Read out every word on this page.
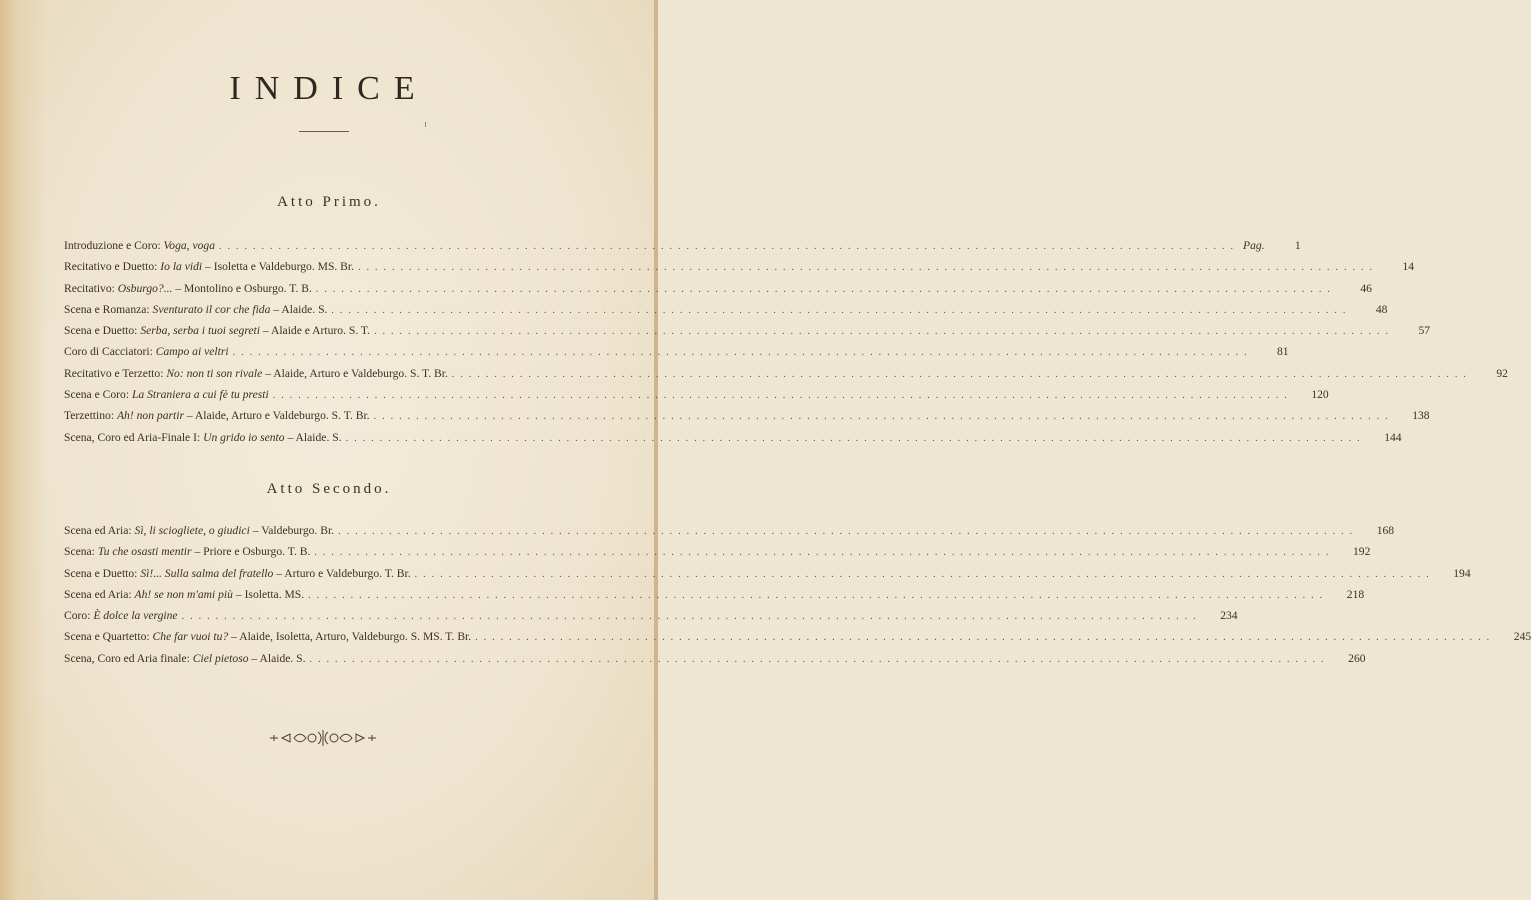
INDICE
Atto Primo.
Introduzione e Coro: Voga, voga ........................................................................................................................ Pag.	1
Recitativo e Duetto: Io la vidi – Isoletta e Valdeburgo. MS. Br. ........................................................................................................................	14
Recitativo: Osburgo?... – Montolino e Osburgo. T. B. ........................................................................................................................	46
Scena e Romanza: Sventurato il cor che fida – Alaide. S. ........................................................................................................................	48
Scena e Duetto: Serba, serba i tuoi segreti – Alaide e Arturo. S. T. ........................................................................................................................	57
Coro di Cacciatori: Campo ai veltri ........................................................................................................................	81
Recitativo e Terzetto: No: non ti son rivale – Alaide, Arturo e Valdeburgo. S. T. Br. ........................................................................................................................	92
Scena e Coro: La Straniera a cui fè tu presti ........................................................................................................................	120
Terzettino: Ah! non partir – Alaide, Arturo e Valdeburgo. S. T. Br. ........................................................................................................................	138
Scena, Coro ed Aria-Finale I: Un grido io sento – Alaide. S. ........................................................................................................................	144
Atto Secondo.
Scena ed Aria: Sì, li sciogliete, o giudici – Valdeburgo. Br. ........................................................................................................................	168
Scena: Tu che osasti mentir – Priore e Osburgo. T. B. ........................................................................................................................	192
Scena e Duetto: Sì!... Sulla salma del fratello – Arturo e Valdeburgo. T. Br. ........................................................................................................................	194
Scena ed Aria: Ah! se non m'ami più – Isoletta. MS. ........................................................................................................................	218
Coro: È dolce la vergine ........................................................................................................................	234
Scena e Quartetto: Che far vuoi tu? – Alaide, Isoletta, Arturo, Valdeburgo. S. MS. T. Br. ........................................................................................................................	245
Scena, Coro ed Aria finale: Ciel pietoso – Alaide. S. ........................................................................................................................	260
